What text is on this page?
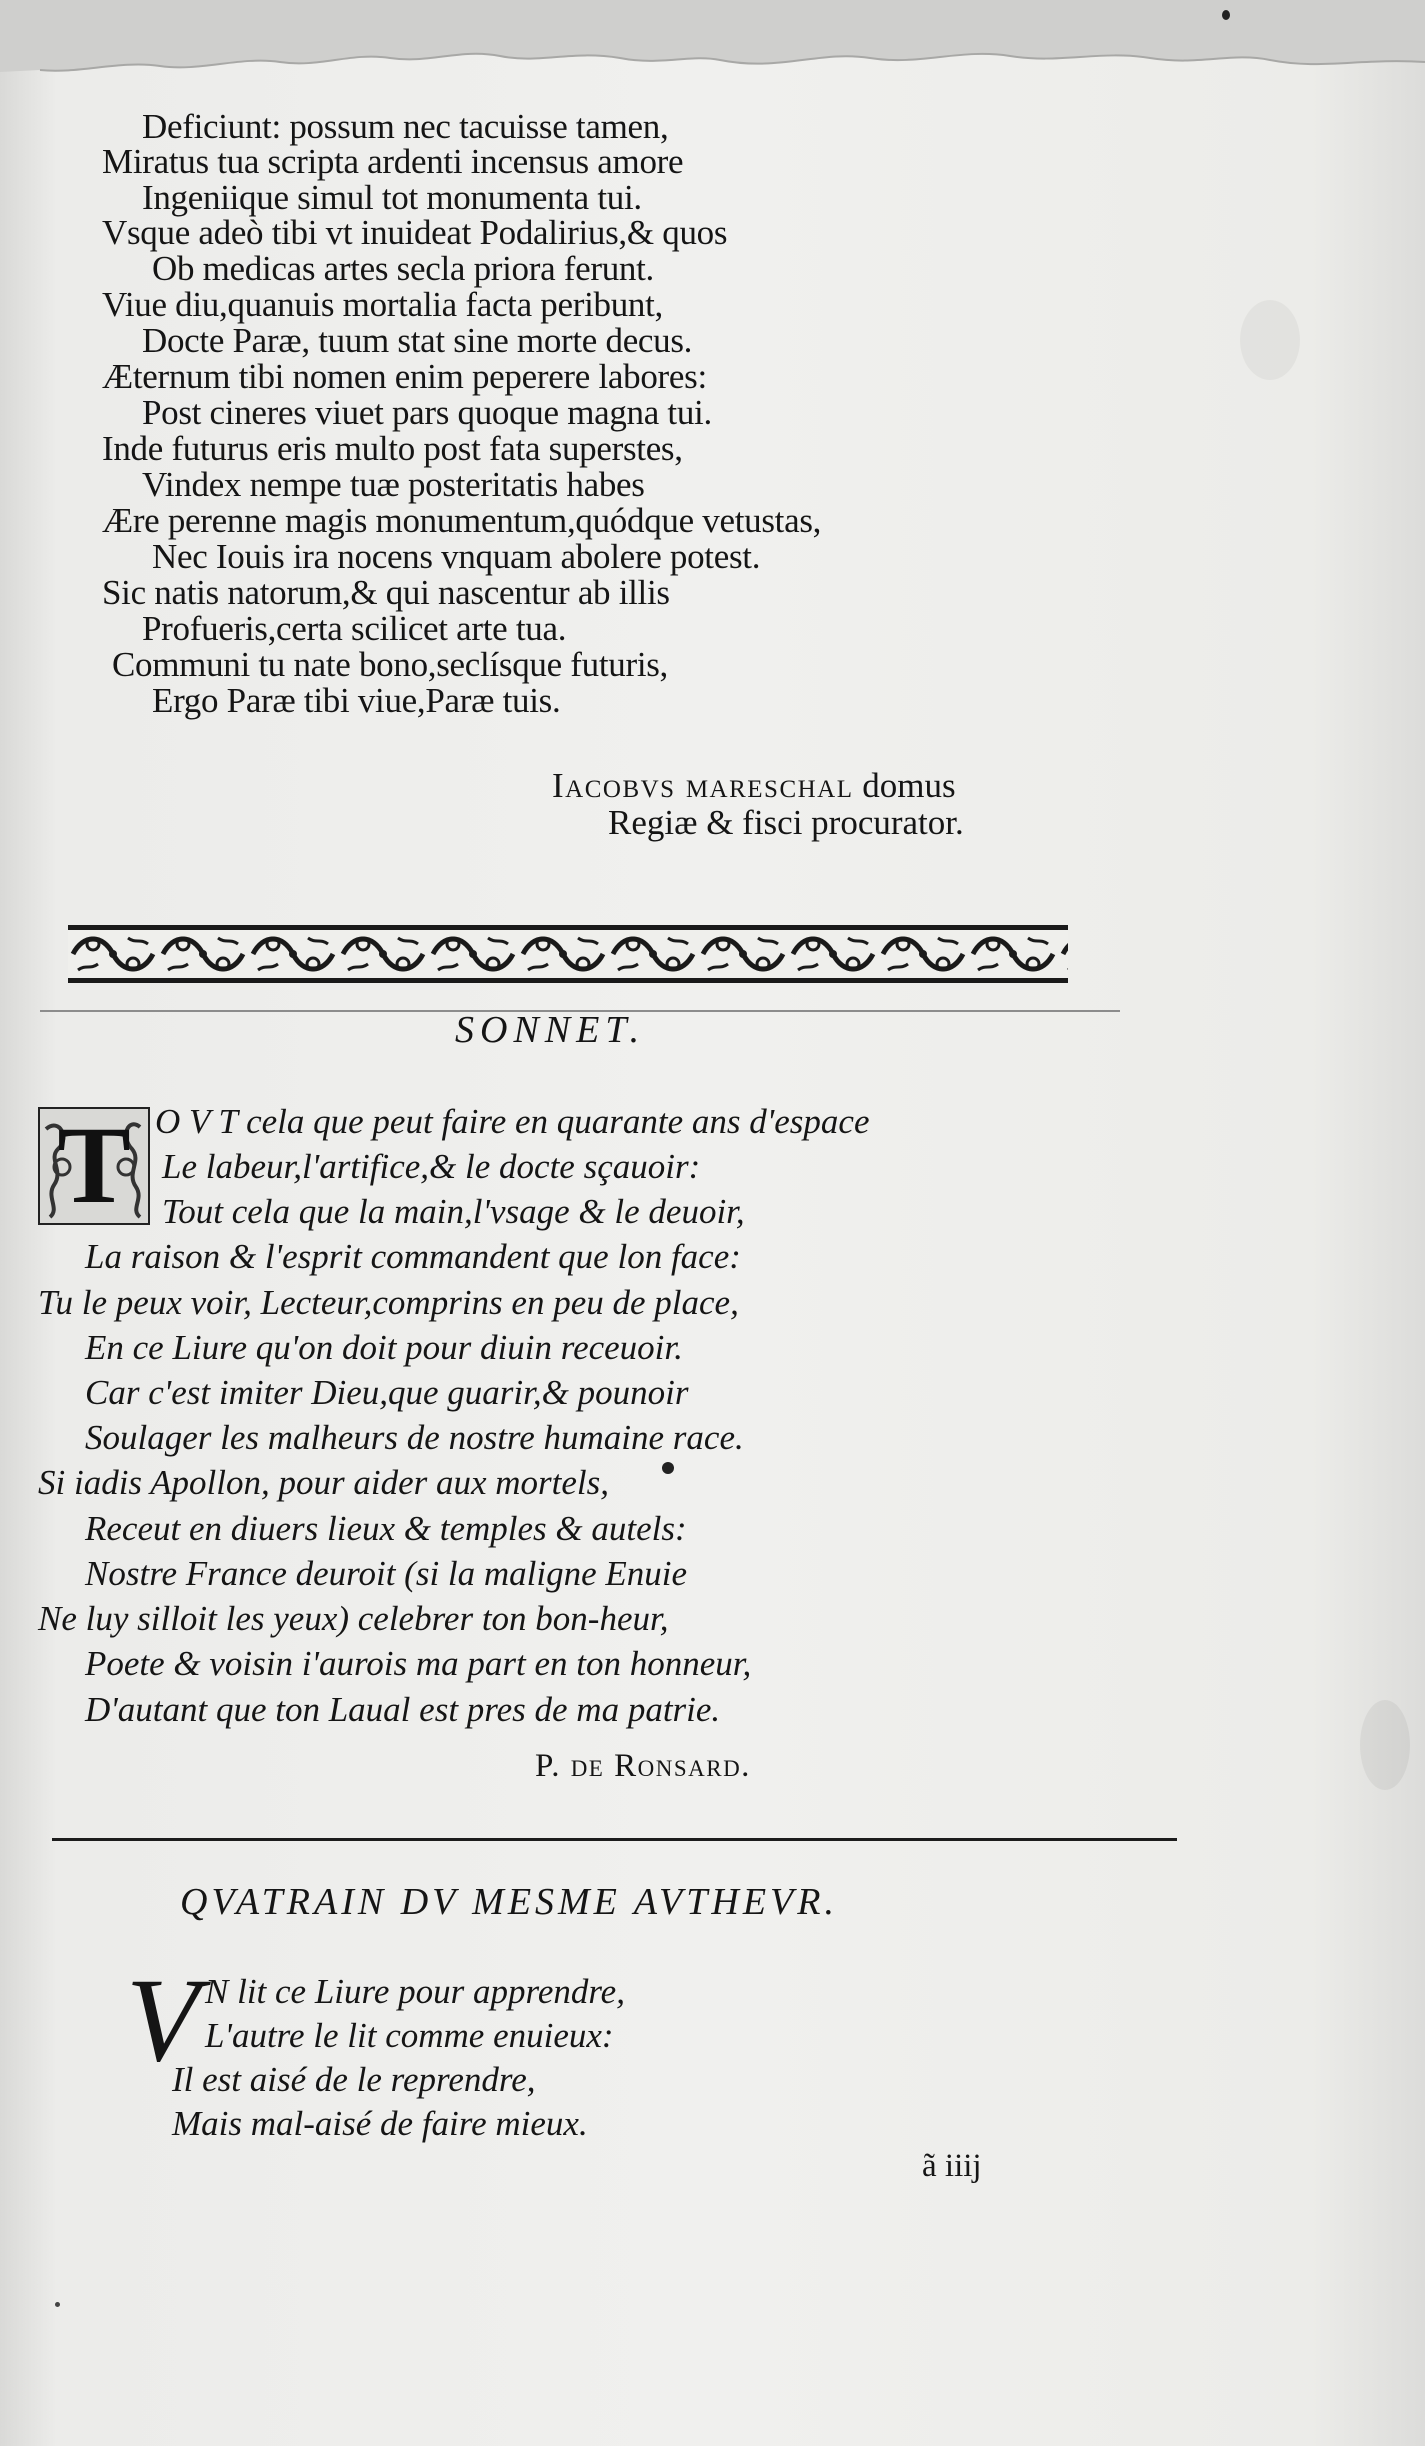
Deficiunt: possum nec tacuisse tamen,
Miratus tua scripta ardenti incensus amore
Ingeniique simul tot monumenta tui.
Vsque adeò tibi vt inuideat Podalirius,& quos
Ob medicas artes secla priora ferunt.
Viue diu,quanuis mortalia facta peribunt,
Docte Paræ, tuum stat sine morte decus.
Æternum tibi nomen enim peperere labores:
Post cineres viuet pars quoque magna tui.
Inde futurus eris multo post fata superstes,
Vindex nempe tuæ posteritatis habes
Ære perenne magis monumentum,quódque vetustas,
Nec Iouis ira nocens vnquam abolere potest.
Sic natis natorum,& qui nascentur ab illis
Profueris,certa scilicet arte tua.
Communi tu nate bono,seclísque futuris,
Ergo Paræ tibi viue,Paræ tuis.
Iacobvs mareschal domus
Regiæ & fisci procurator.
SONNET.
T O V T cela que peut faire en quarante ans d'espace
Le labeur,l'artifice,& le docte sçauoir:
Tout cela que la main,l'vsage & le deuoir,
La raison & l'esprit commandent que lon face:
Tu le peux voir, Lecteur,comprins en peu de place,
En ce Liure qu'on doit pour diuin receuoir.
Car c'est imiter Dieu,que guarir,& pounoir
Soulager les malheurs de nostre humaine race.
Si iadis Apollon, pour aider aux mortels,
Receut en diuers lieux & temples & autels:
Nostre France deuroit (si la maligne Enuie
Ne luy silloit les yeux) celebrer ton bon-heur,
Poete & voisin i'aurois ma part en ton honneur,
D'autant que ton Laual est pres de ma patrie.
P. de Ronsard.
QVATRAIN DV MESME AVTHEVR.
V N lit ce Liure pour apprendre,
L'autre le lit comme enuieux:
Il est aisé de le reprendre,
Mais mal-aisé de faire mieux.
ã iiij
